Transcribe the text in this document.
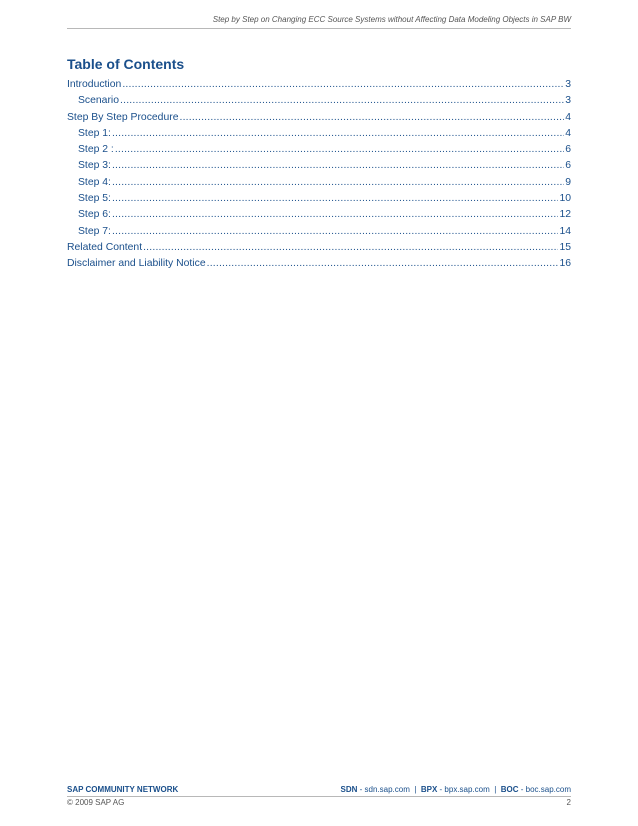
Step by Step on Changing ECC Source Systems without Affecting Data Modeling Objects in SAP BW
Table of Contents
Introduction .....	3
Scenario .....	3
Step By Step Procedure .....	4
Step 1: .....	4
Step 2 : .....	6
Step 3: .....	6
Step 4: .....	9
Step 5: .....	10
Step 6: .....	12
Step 7: .....	14
Related Content .....	15
Disclaimer and Liability Notice .....	16
SAP COMMUNITY NETWORK	SDN - sdn.sap.com  |  BPX - bpx.sap.com  |  BOC - boc.sap.com
© 2009 SAP AG	2
